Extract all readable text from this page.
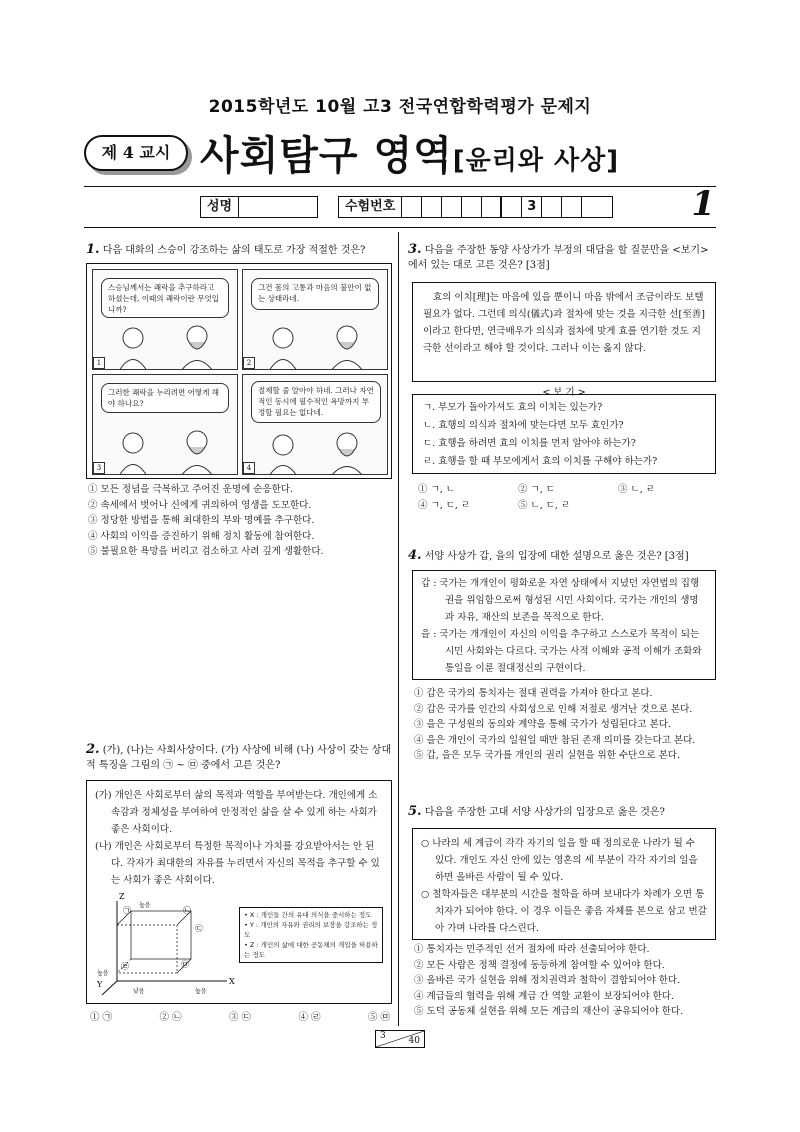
2015학년도 10월 고3 전국연합학력평가 문제지
제 4 교시 사회탐구 영역[윤리와 사상]
성명	수험번호	3	1
1. 다음 대화의 스승이 강조하는 삶의 태도로 가장 적절한 것은?
스승님께서는 쾌락을 추구하라고 하셨는데, 이때의 쾌락이란 무엇입니까?
1
그건 몸의 고통과 마음의 불안이 없는 상태라네.
2
그러한 쾌락을 누리려면 어떻게 해야 하나요?
3
절제할 줄 알아야 하네. 그러나 자연적인 동시에 필수적인 욕망까지 부정할 필요는 없다네.
4
① 모든 정념을 극복하고 주어진 운명에 순응한다.
② 속세에서 벗어나 신에게 귀의하여 영생을 도모한다.
③ 정당한 방법을 통해 최대한의 부와 명예를 추구한다.
④ 사회의 이익을 증진하기 위해 정치 활동에 참여한다.
⑤ 불필요한 욕망을 버리고 검소하고 사려 깊게 생활한다.
2. (가), (나)는 사회사상이다. (가) 사상에 비해 (나) 사상이 갖는 상대적 특징을 그림의 ㉠ ~ ㉤ 중에서 고른 것은?
(가) 개인은 사회로부터 삶의 목적과 역할을 부여받는다. 개인에게 소속감과 정체성을 부여하여 안정적인 삶을 살 수 있게 하는 사회가 좋은 사회이다.
(나) 개인은 사회로부터 특정한 목적이나 가치를 강요받아서는 안 된다. 각자가 최대한의 자유를 누리면서 자신의 목적을 추구할 수 있는 사회가 좋은 사회이다.
Z
Y	X
높음
높음
낮음	높음
㉠	㉡
㉢
㉣	㉤
• X : 개인들 간의 유대 의식을 중시하는 정도
• Y : 개인의 자유와 권리의 보장을 강조하는 정도
• Z : 개인의 삶에 대한 공동체의 개입을 허용하는 정도
① ㉠	② ㉡	③ ㉢	④ ㉣	⑤ ㉤
3. 다음을 주장한 동양 사상가가 부정의 대답을 할 질문만을 <보기>에서 있는 대로 고른 것은? [3점]
효의 이치[理]는 마음에 있을 뿐이니 마음 밖에서 조금이라도 보탤 필요가 없다. 그런데 의식(儀式)과 절차에 맞는 것을 지극한 선[至善]이라고 한다면, 연극배우가 의식과 절차에 맞게 효를 연기한 것도 지극한 선이라고 해야 할 것이다. 그러나 이는 옳지 않다.
< 보 기 >
ㄱ. 부모가 돌아가셔도 효의 이치는 있는가?
ㄴ. 효행의 의식과 절차에 맞는다면 모두 효인가?
ㄷ. 효행을 하려면 효의 이치를 먼저 알아야 하는가?
ㄹ. 효행을 할 때 부모에게서 효의 이치를 구해야 하는가?
① ㄱ, ㄴ	② ㄱ, ㄷ	③ ㄴ, ㄹ
④ ㄱ, ㄷ, ㄹ	⑤ ㄴ, ㄷ, ㄹ
4. 서양 사상가 갑, 을의 입장에 대한 설명으로 옳은 것은? [3점]
갑 : 국가는 개개인이 평화로운 자연 상태에서 지녔던 자연법의 집행권을 위임함으로써 형성된 시민 사회이다. 국가는 개인의 생명과 자유, 재산의 보존을 목적으로 한다.
을 : 국가는 개개인이 자신의 이익을 추구하고 스스로가 목적이 되는 시민 사회와는 다르다. 국가는 사적 이해와 공적 이해가 조화와 통일을 이룬 절대정신의 구현이다.
① 갑은 국가의 통치자는 절대 권력을 가져야 한다고 본다.
② 갑은 국가를 인간의 사회성으로 인해 저절로 생겨난 것으로 본다.
③ 을은 구성원의 동의와 계약을 통해 국가가 성립된다고 본다.
④ 을은 개인이 국가의 일원일 때만 참된 존재 의미를 갖는다고 본다.
⑤ 갑, 을은 모두 국가를 개인의 권리 실현을 위한 수단으로 본다.
5. 다음을 주장한 고대 서양 사상가의 입장으로 옳은 것은?
○ 나라의 세 계급이 각각 자기의 일을 할 때 정의로운 나라가 될 수 있다. 개인도 자신 안에 있는 영혼의 세 부분이 각각 자기의 일을 하면 올바른 사람이 될 수 있다.
○ 철학자들은 대부분의 시간을 철학을 하며 보내다가 차례가 오면 통치자가 되어야 한다. 이 경우 이들은 좋음 자체를 본으로 삼고 번갈아 가며 나라를 다스린다.
① 통치자는 민주적인 선거 절차에 따라 선출되어야 한다.
② 모든 사람은 정책 결정에 동등하게 참여할 수 있어야 한다.
③ 올바른 국가 실현을 위해 정치권력과 철학이 결합되어야 한다.
④ 계급들의 협력을 위해 계급 간 역할 교환이 보장되어야 한다.
⑤ 도덕 공동체 실현을 위해 모든 계급의 재산이 공유되어야 한다.
3	40
